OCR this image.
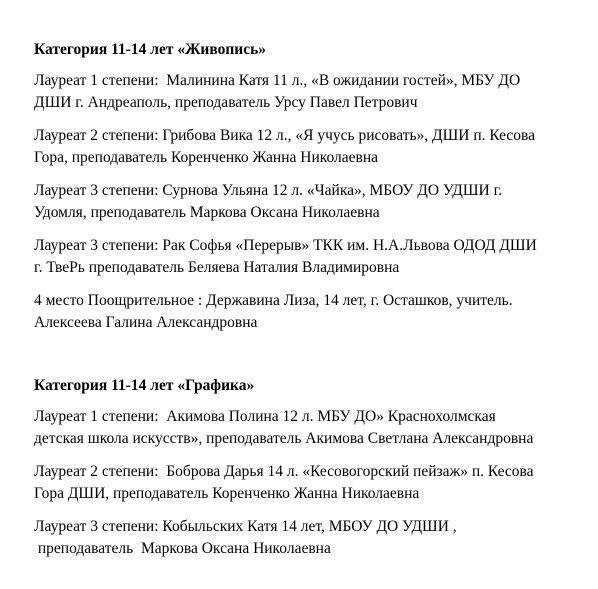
Категория 11-14 лет «Живопись»
Лауреат 1 степени:  Малинина Катя 11 л., «В ожидании гостей», МБУ ДО
ДШИ г. Андреаполь, преподаватель Урсу Павел Петрович
Лауреат 2 степени: Грибова Вика 12 л., «Я учусь рисовать», ДШИ п. Кесова
Гора, преподаватель Коренченко Жанна Николаевна
Лауреат 3 степени: Сурнова Ульяна 12 л. «Чайка», МБОУ ДО УДШИ г.
Удомля, преподаватель Маркова Оксана Николаевна
Лауреат 3 степени: Рак Софья «Перерыв» ТКК им. Н.А.Львова ОДОД ДШИ
г. ТвеРь преподаватель Беляева Наталия Владимировна
4 место Поощрительное : Державина Лиза, 14 лет, г. Осташков, учитель.
Алексеева Галина Александровна
Категория 11-14 лет «Графика»
Лауреат 1 степени:  Акимова Полина 12 л. МБУ ДО» Краснохолмская
детская школа искусств», преподаватель Акимова Светлана Александровна
Лауреат 2 степени:  Боброва Дарья 14 л. «Кесовогорский пейзаж» п. Кесова
Гора ДШИ, преподаватель Коренченко Жанна Николаевна
Лауреат 3 степени: Кобыльских Катя 14 лет, МБОУ ДО УДШИ ,
преподаватель  Маркова Оксана Николаевна
